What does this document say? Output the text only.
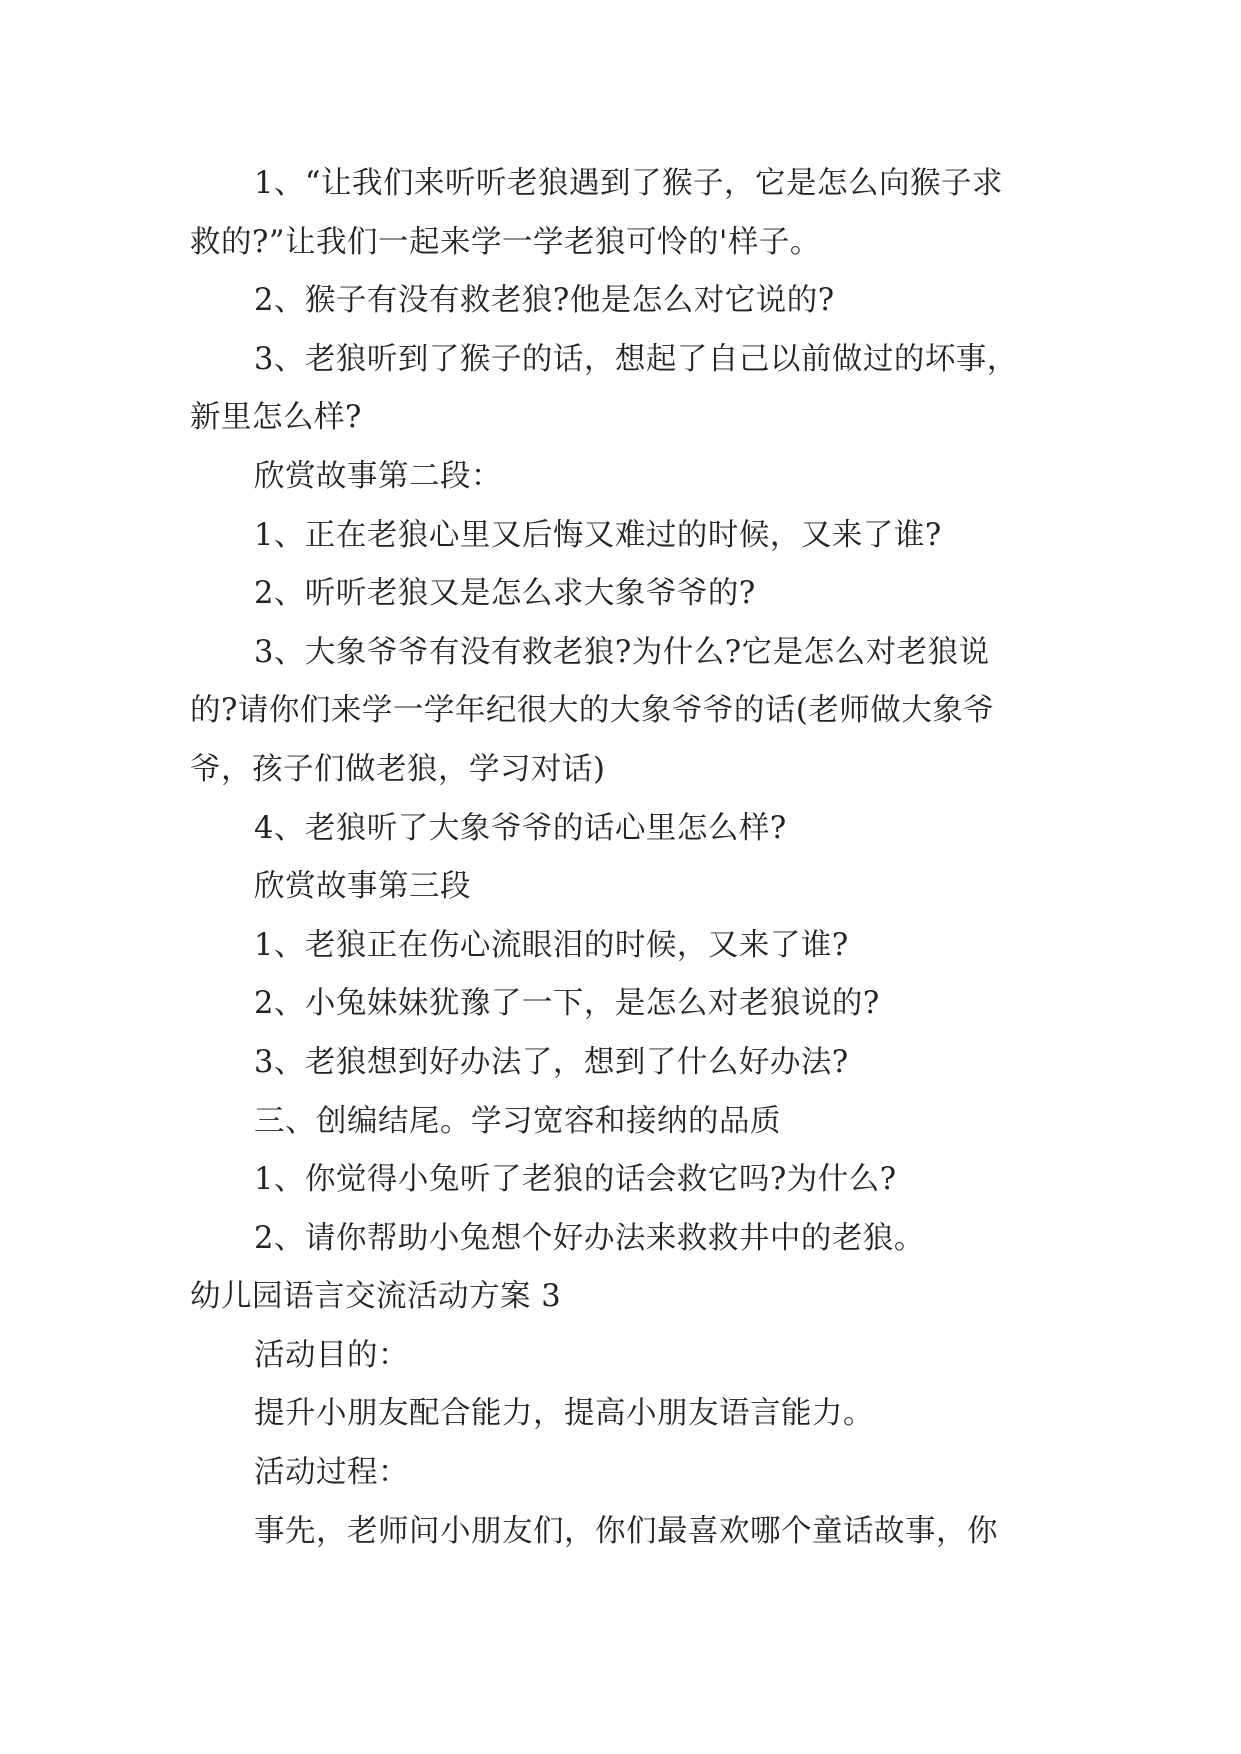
1、“让我们来听听老狼遇到了猴子，它是怎么向猴子求
救的?”让我们一起来学一学老狼可怜的'样子。
2、猴子有没有救老狼?他是怎么对它说的?
3、老狼听到了猴子的话，想起了自己以前做过的坏事，
新里怎么样?
欣赏故事第二段：
1、正在老狼心里又后悔又难过的时候，又来了谁?
2、听听老狼又是怎么求大象爷爷的?
3、大象爷爷有没有救老狼?为什么?它是怎么对老狼说
的?请你们来学一学年纪很大的大象爷爷的话(老师做大象爷
爷，孩子们做老狼，学习对话)
4、老狼听了大象爷爷的话心里怎么样?
欣赏故事第三段
1、老狼正在伤心流眼泪的时候，又来了谁?
2、小兔妹妹犹豫了一下，是怎么对老狼说的?
3、老狼想到好办法了，想到了什么好办法?
三、创编结尾。学习宽容和接纳的品质
1、你觉得小兔听了老狼的话会救它吗?为什么?
2、请你帮助小兔想个好办法来救救井中的老狼。
幼儿园语言交流活动方案 3
活动目的：
提升小朋友配合能力，提高小朋友语言能力。
活动过程：
事先，老师问小朋友们，你们最喜欢哪个童话故事，你
